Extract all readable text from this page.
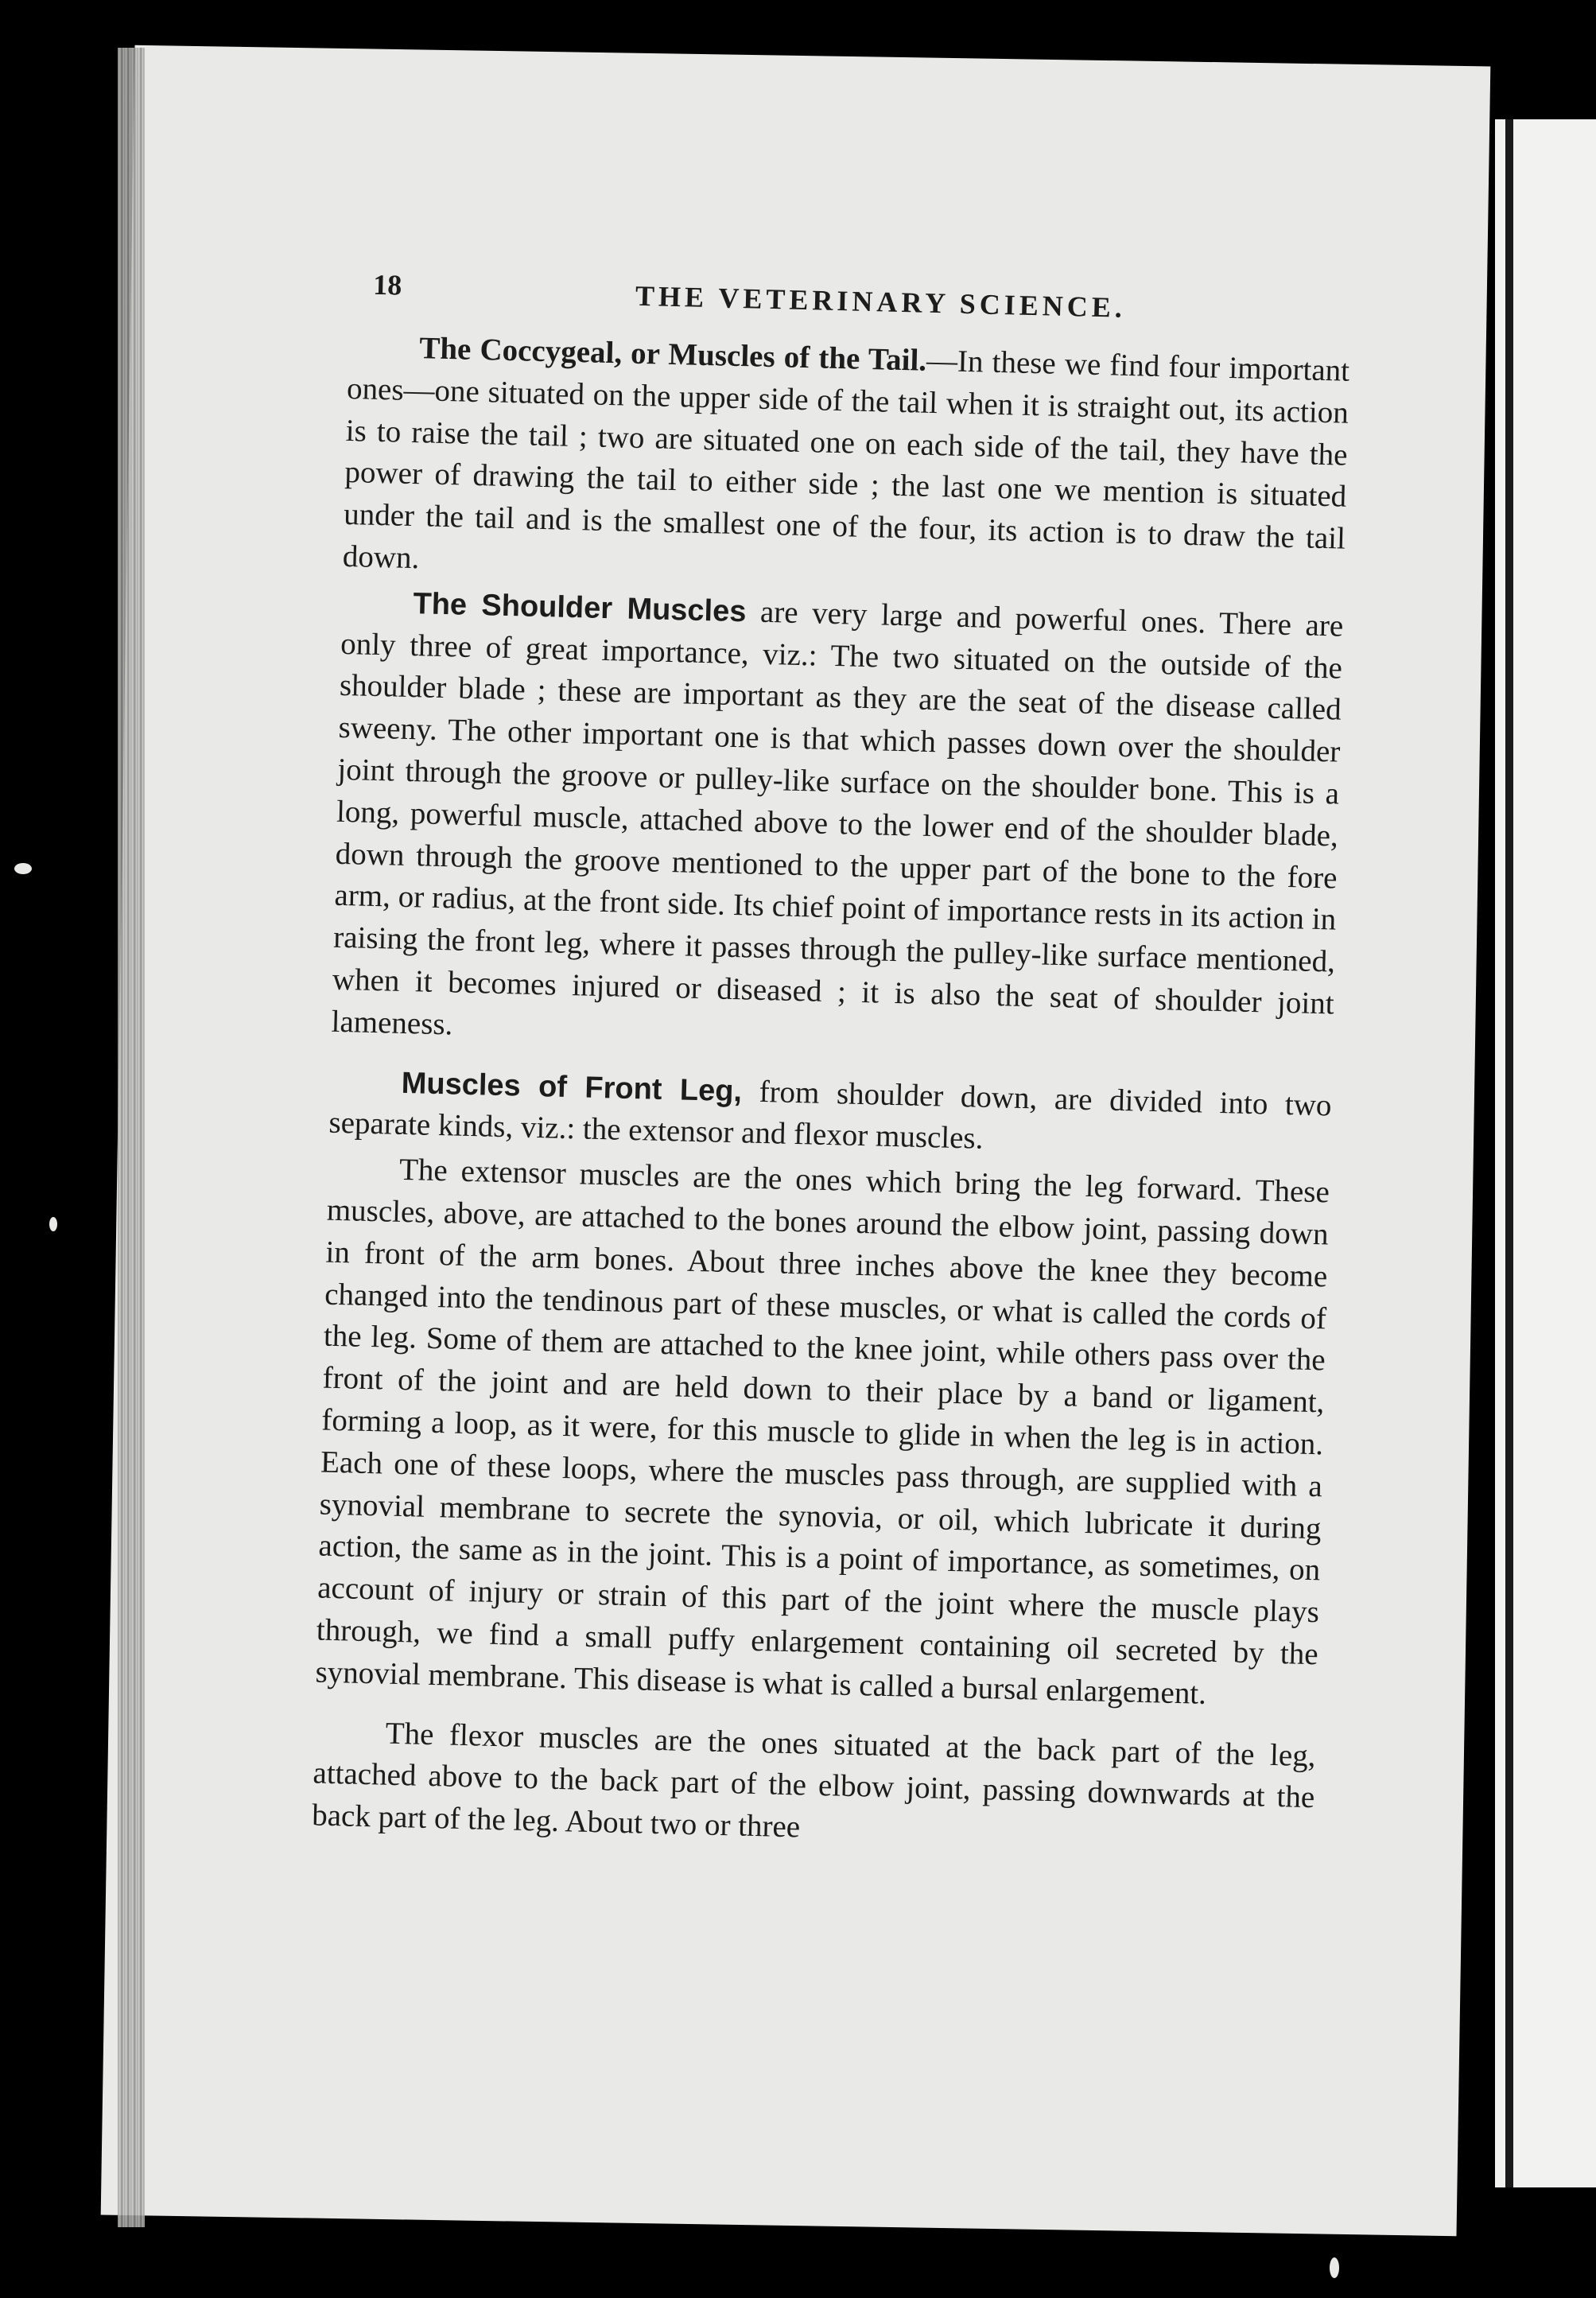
18	THE VETERINARY SCIENCE.

The Coccygeal, or Muscles of the Tail.—In these we find four important ones—one situated on the upper side of the tail when it is straight out, its action is to raise the tail ; two are situated one on each side of the tail, they have the power of drawing the tail to either side ; the last one we mention is situated under the tail and is the smallest one of the four, its action is to draw the tail down.

The Shoulder Muscles are very large and powerful ones. There are only three of great importance, viz.: The two situated on the outside of the shoulder blade ; these are important as they are the seat of the disease called sweeny. The other important one is that which passes down over the shoulder joint through the groove or pulley-like surface on the shoulder bone. This is a long, powerful muscle, attached above to the lower end of the shoulder blade, down through the groove mentioned to the upper part of the bone to the fore arm, or radius, at the front side. Its chief point of importance rests in its action in raising the front leg, where it passes through the pulley-like surface mentioned, when it becomes injured or diseased ; it is also the seat of shoulder joint lameness.

Muscles of Front Leg, from shoulder down, are divided into two separate kinds, viz.: the extensor and flexor muscles.

The extensor muscles are the ones which bring the leg forward. These muscles, above, are attached to the bones around the elbow joint, passing down in front of the arm bones. About three inches above the knee they become changed into the tendinous part of these muscles, or what is called the cords of the leg. Some of them are attached to the knee joint, while others pass over the front of the joint and are held down to their place by a band or ligament, forming a loop, as it were, for this muscle to glide in when the leg is in action. Each one of these loops, where the muscles pass through, are supplied with a synovial membrane to secrete the synovia, or oil, which lubricate it during action, the same as in the joint. This is a point of importance, as sometimes, on account of injury or strain of this part of the joint where the muscle plays through, we find a small puffy enlargement containing oil secreted by the synovial membrane. This disease is what is called a bursal enlargement.

The flexor muscles are the ones situated at the back part of the leg, attached above to the back part of the elbow joint, passing downwards at the back part of the leg. About two or three
